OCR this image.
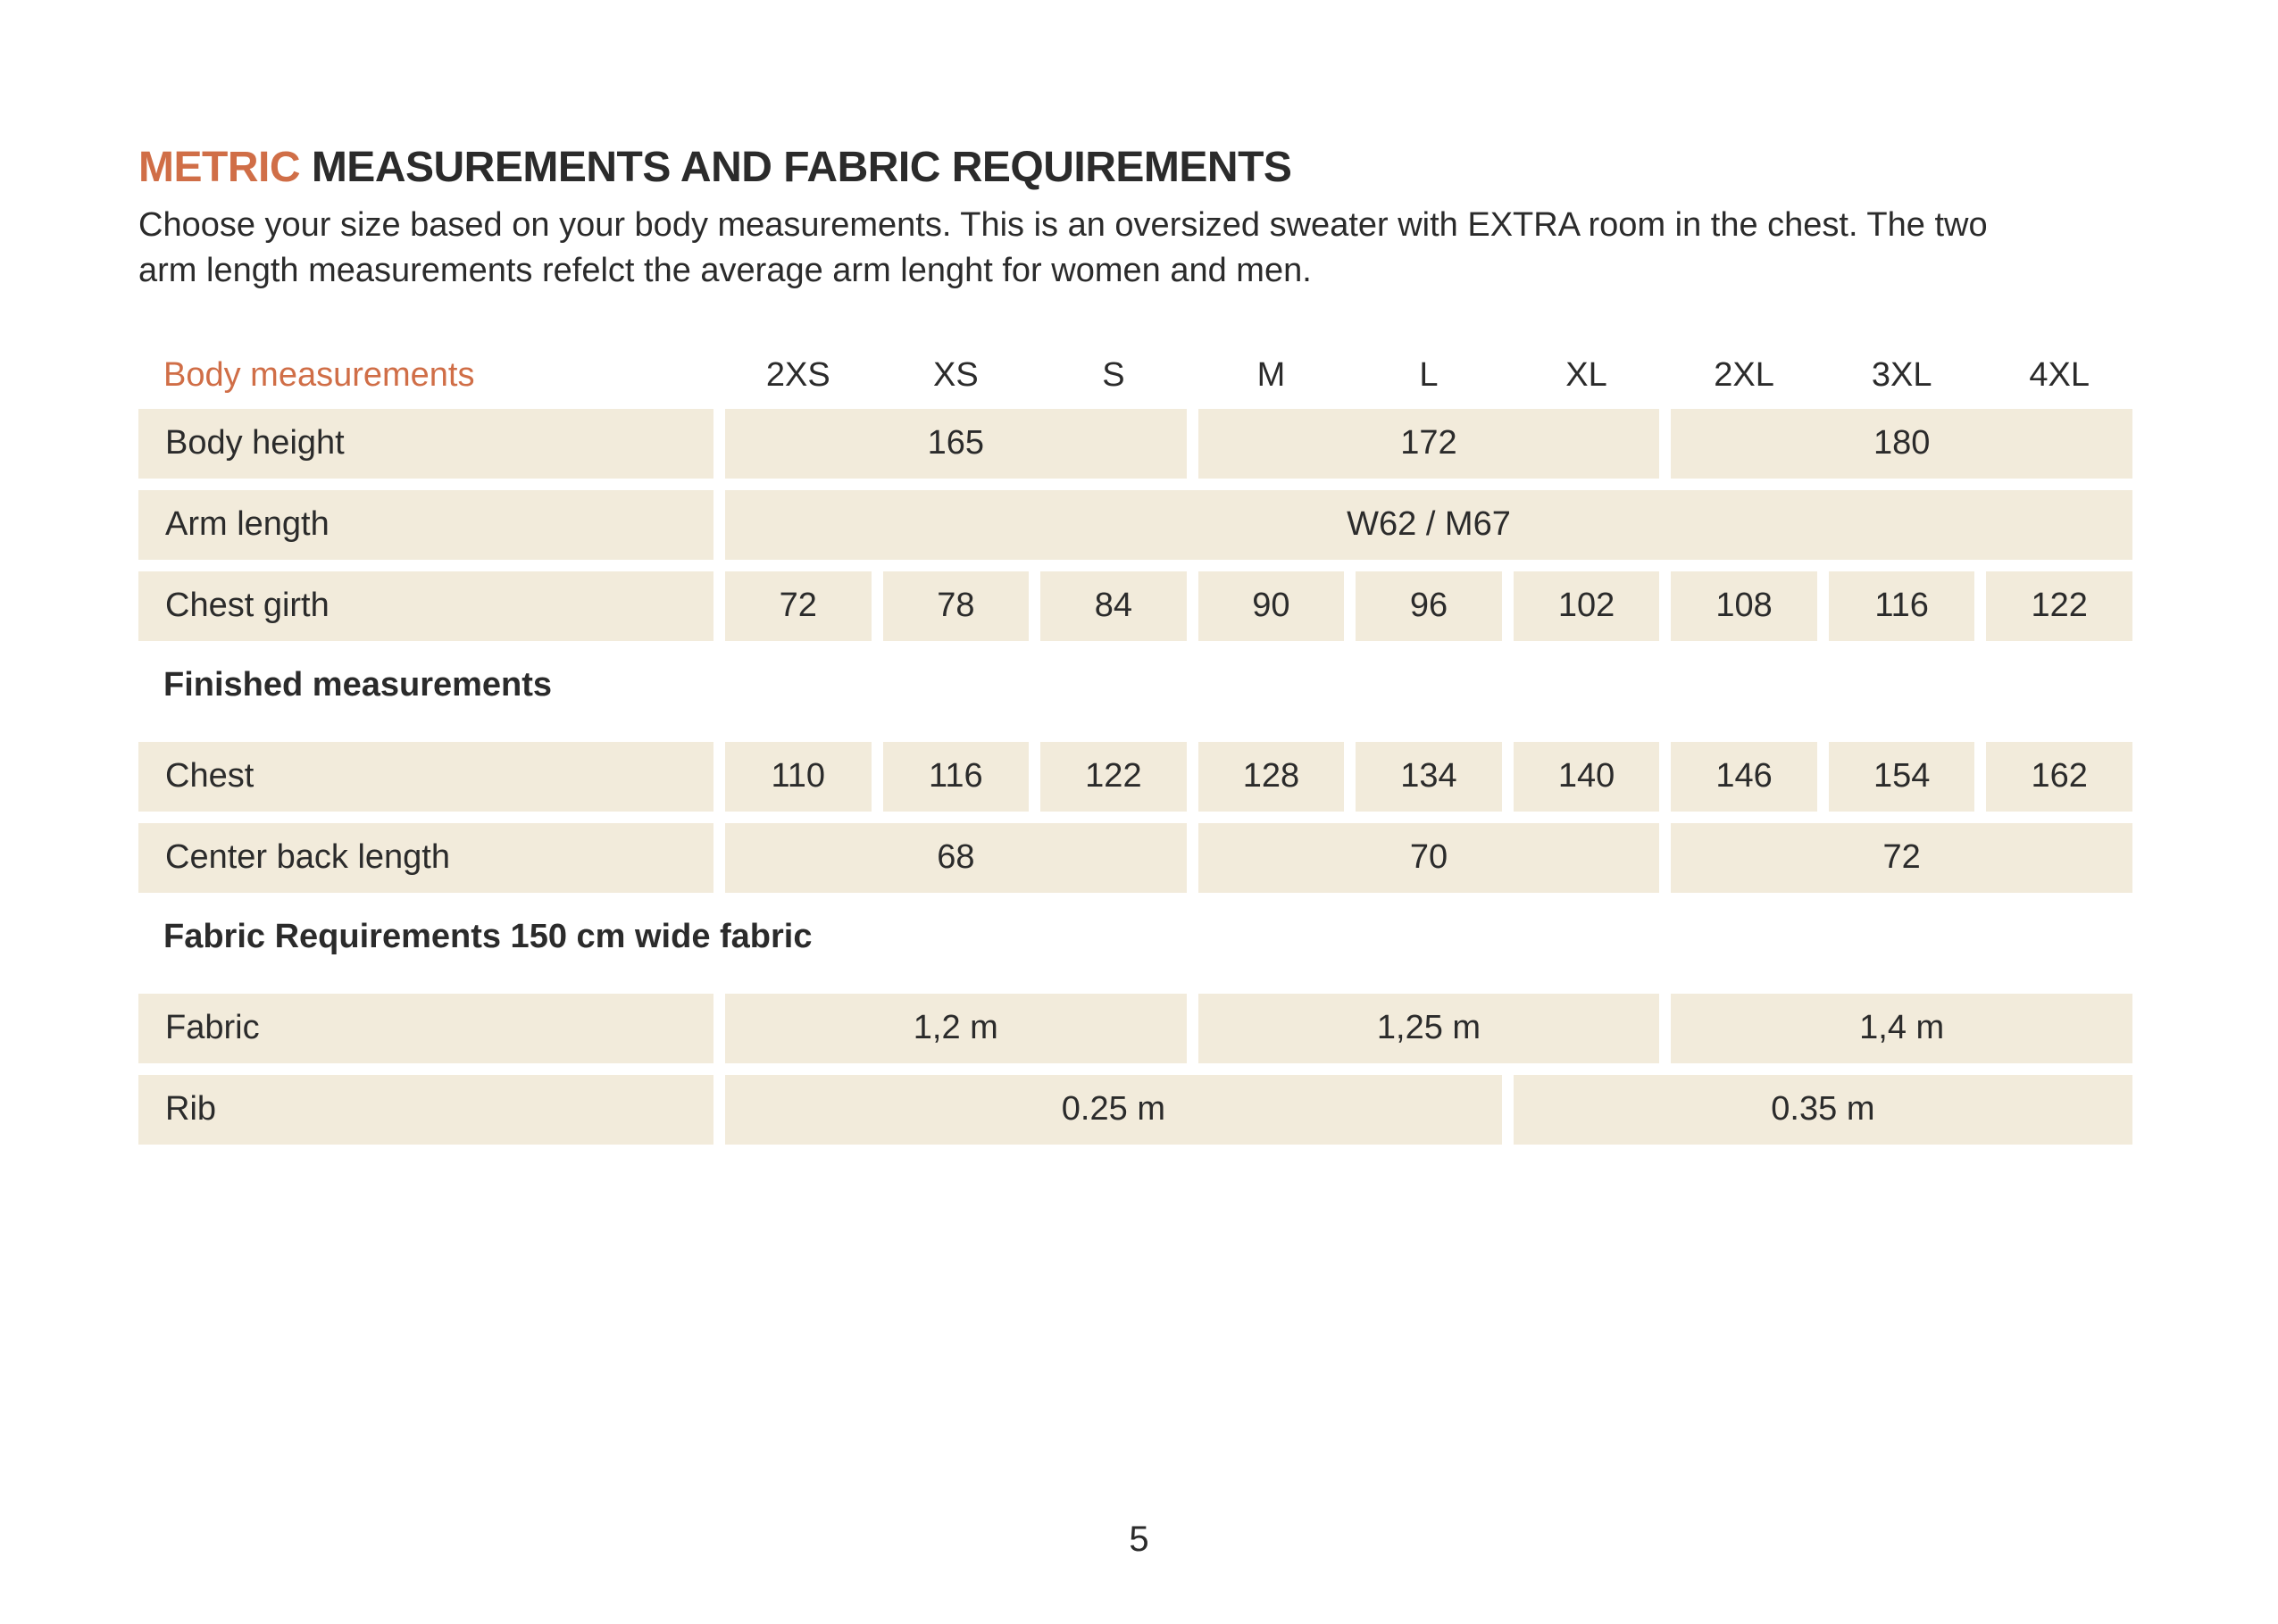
METRIC MEASUREMENTS AND FABRIC REQUIREMENTS
Choose your size based on your body measurements. This is an oversized sweater with EXTRA room in the chest. The two
arm length measurements refelct the average arm lenght for women and men.
Body measurements	2XS	XS	S	M	L	XL	2XL	3XL	4XL
Body height	165	172	180
Arm length	W62 / M67
Chest girth	72	78	84	90	96	102	108	116	122
Finished measurements
Chest	110	116	122	128	134	140	146	154	162
Center back length	68	70	72
Fabric Requirements 150 cm wide fabric
Fabric	1,2 m	1,25 m	1,4 m
Rib	0.25 m	0.35 m
5
